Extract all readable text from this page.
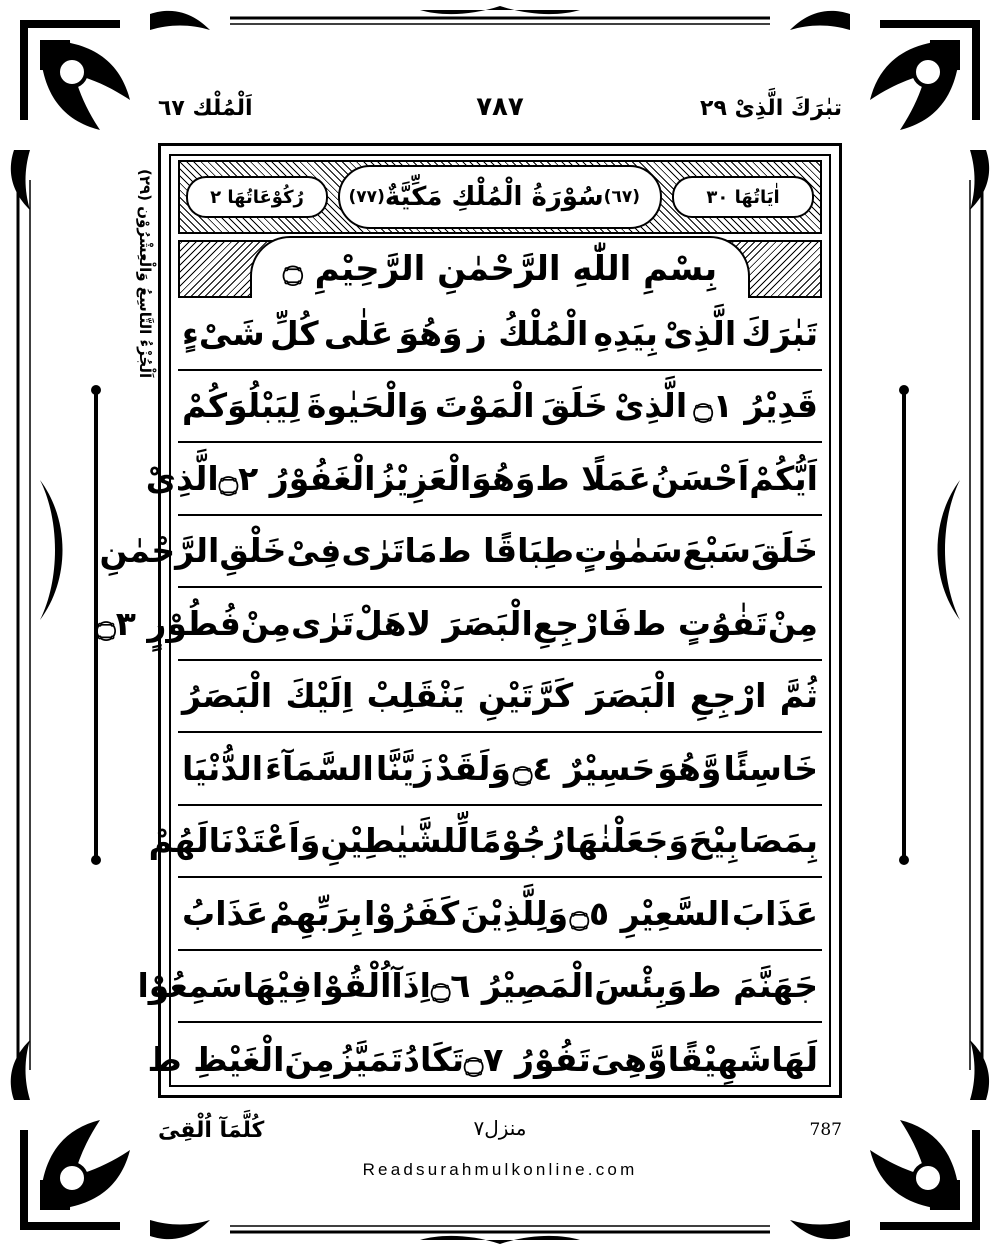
تبٰرَكَ الَّذِىْ ٢٩
٧٨٧
اَلْمُلْك ٦٧
اَلْجُزْءُ التَّاسِعُ وَالْعِشْرُوْن (٢٩)	اٰيَاتُهَا ٣٠
رُكُوْعَاتُهَا ٢	(٦٧)
سُوْرَةُ الْمُلْكِ مَكِّيَّةٌ
(٧٧)
بِسْمِ اللّٰهِ الرَّحْمٰنِ الرَّحِيْمِ ۝
تَبٰرَكَ
الَّذِىْ
بِيَدِهِ
الْمُلْكُ ز
وَهُوَ
عَلٰى
كُلِّ
شَىْءٍ
قَدِيْرُ ۝١
الَّذِىْ
خَلَقَ
الْمَوْتَ
وَالْحَيٰوةَ
لِيَبْلُوَكُمْ
اَيُّكُمْ
اَحْسَنُ
عَمَلًا ط
وَهُوَ
الْعَزِيْزُ
الْغَفُوْرُ ۝٢
الَّذِىْ
خَلَقَ
سَبْعَ
سَمٰوٰتٍ
طِبَاقًا ط
مَا
تَرٰى
فِىْ
خَلْقِ
الرَّحْمٰنِ
مِنْ
تَفٰوُتٍ ط
فَارْجِعِ
الْبَصَرَ لا
هَلْ
تَرٰى
مِنْ
فُطُوْرٍ ۝٣
ثُمَّ
ارْجِعِ
الْبَصَرَ
كَرَّتَيْنِ
يَنْقَلِبْ
اِلَيْكَ
الْبَصَرُ
خَاسِئًا
وَّهُوَ
حَسِيْرٌ ۝٤
وَلَقَدْ
زَيَّنَّا
السَّمَآءَ
الدُّنْيَا
بِمَصَابِيْحَ
وَجَعَلْنٰهَا
رُجُوْمًا
لِّلشَّيٰطِيْنِ
وَاَعْتَدْنَا
لَهُمْ
عَذَابَ
السَّعِيْرِ ۝٥
وَلِلَّذِيْنَ
كَفَرُوْا
بِرَبِّهِمْ
عَذَابُ
جَهَنَّمَ ط
وَبِئْسَ
الْمَصِيْرُ ۝٦
اِذَآ
اُلْقُوْا
فِيْهَا
سَمِعُوْا
لَهَا
شَهِيْقًا
وَّهِىَ
تَفُوْرُ ۝٧
تَكَادُ
تَمَيَّزُ
مِنَ
الْغَيْظِ ط
787
منزل٧
كُلَّمَآ اُلْقِىَ
Readsurahmulkonline.com
